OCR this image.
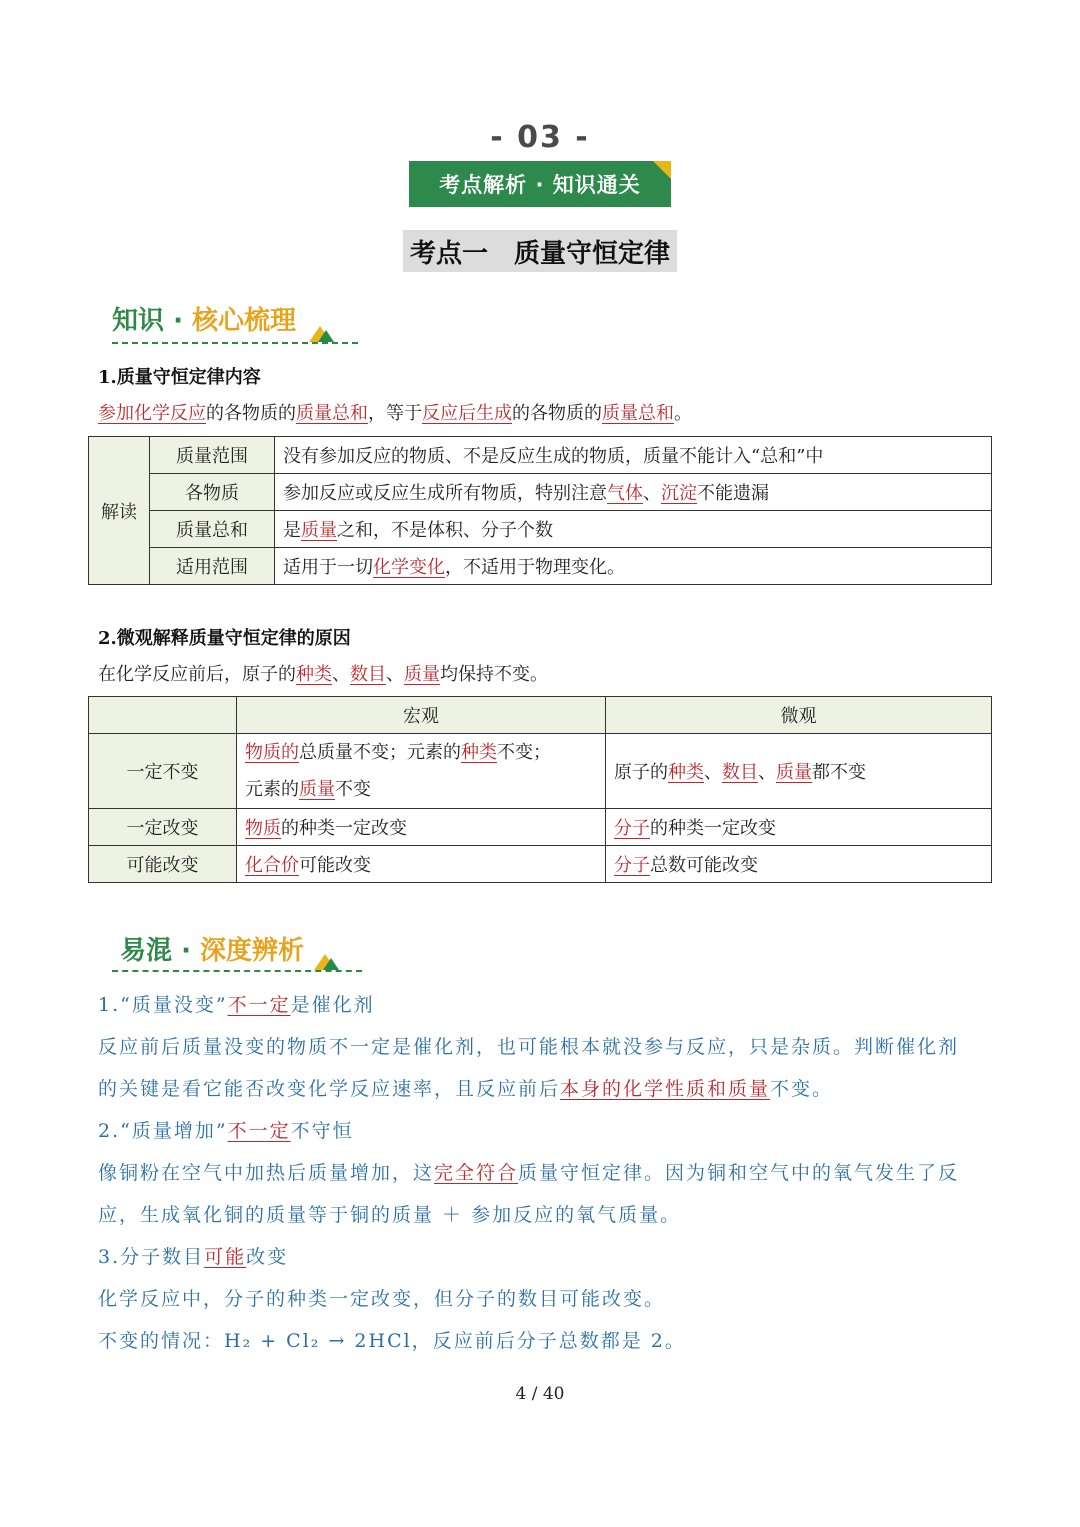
- 03 -
考点解析 · 知识通关
考点一　质量守恒定律
知识 · 核心梳理
1.质量守恒定律内容
参加化学反应的各物质的质量总和，等于反应后生成的各物质的质量总和。
解读	质量范围	没有参加反应的物质、不是反应生成的物质，质量不能计入“总和”中
	各物质	参加反应或反应生成所有物质，特别注意气体、沉淀不能遗漏
	质量总和	是质量之和，不是体积、分子个数
	适用范围	适用于一切化学变化，不适用于物理变化。
2.微观解释质量守恒定律的原因
在化学反应前后，原子的种类、数目、质量均保持不变。
	宏观	微观
一定不变	物质的总质量不变；元素的种类不变；
元素的质量不变	原子的种类、数目、质量都不变
一定改变	物质的种类一定改变	分子的种类一定改变
可能改变	化合价可能改变	分子总数可能改变
易混 · 深度辨析
1.“质量没变”不一定是催化剂
反应前后质量没变的物质不一定是催化剂，也可能根本就没参与反应，只是杂质。判断催化剂
的关键是看它能否改变化学反应速率，且反应前后本身的化学性质和质量不变。
2.“质量增加”不一定不守恒
像铜粉在空气中加热后质量增加，这完全符合质量守恒定律。因为铜和空气中的氧气发生了反
应，生成氧化铜的质量等于铜的质量 ＋ 参加反应的氧气质量。
3.分子数目可能改变
化学反应中，分子的种类一定改变，但分子的数目可能改变。
不变的情况：H₂ + Cl₂ → 2HCl，反应前后分子总数都是 2。
4 / 40
